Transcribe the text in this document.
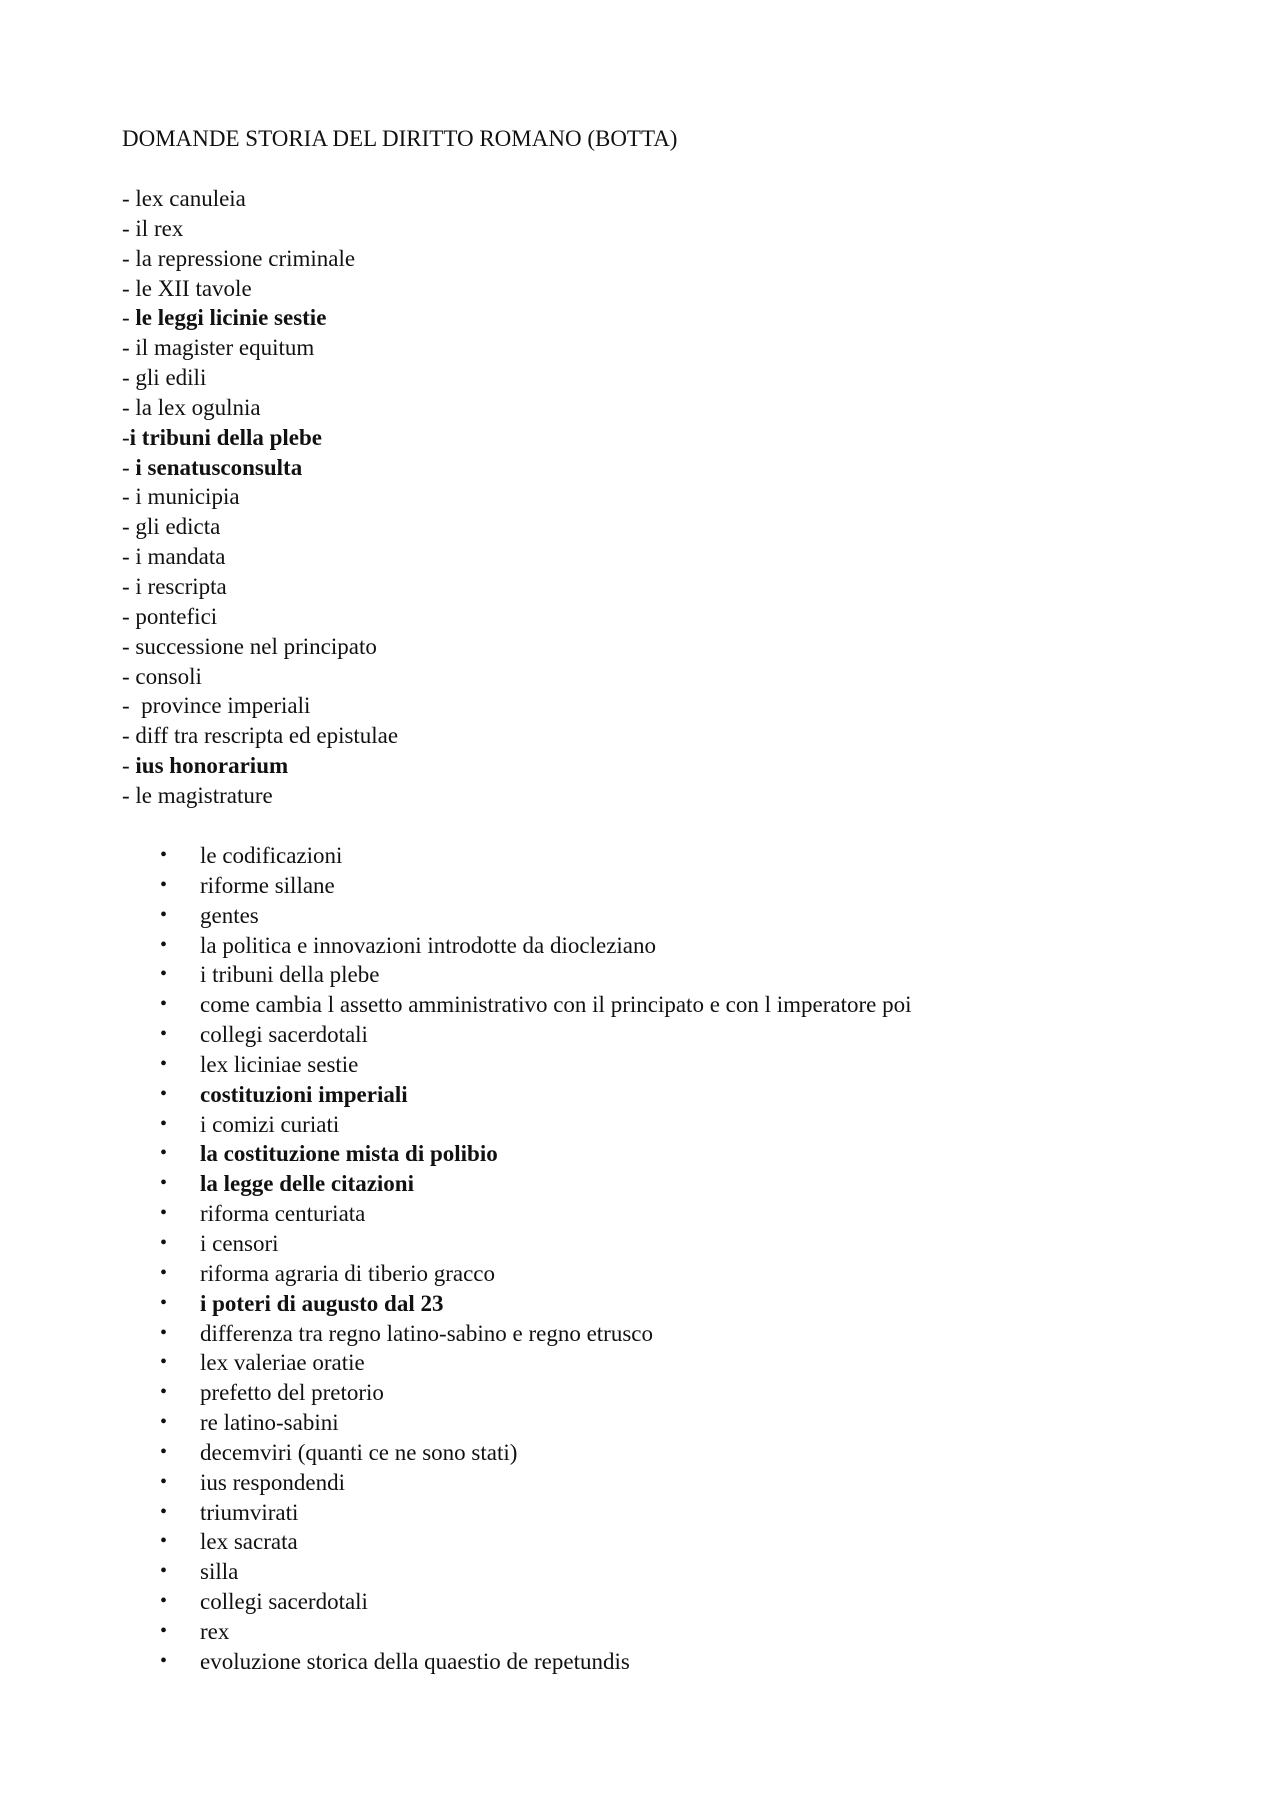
DOMANDE STORIA DEL DIRITTO ROMANO (BOTTA)
- lex canuleia
- il rex
- la repressione criminale
- le XII tavole
- le leggi licinie sestie
- il magister equitum
- gli edili
- la lex ogulnia
-i tribuni della plebe
- i senatusconsulta
- i municipia
- gli edicta
- i mandata
- i rescripta
- pontefici
- successione nel principato
- consoli
-  province imperiali
- diff tra rescripta ed epistulae
- ius honorarium
- le magistrature
• le codificazioni
• riforme sillane
• gentes
• la politica e innovazioni introdotte da diocleziano
• i tribuni della plebe
• come cambia l assetto amministrativo con il principato e con l imperatore poi
• collegi sacerdotali
• lex liciniae sestie
• costituzioni imperiali
• i comizi curiati
• la costituzione mista di polibio
• la legge delle citazioni
• riforma centuriata
• i censori
• riforma agraria di tiberio gracco
• i poteri di augusto dal 23
• differenza tra regno latino-sabino e regno etrusco
• lex valeriae oratie
• prefetto del pretorio
• re latino-sabini
• decemviri (quanti ce ne sono stati)
• ius respondendi
• triumvirati
• lex sacrata
• silla
• collegi sacerdotali
• rex
• evoluzione storica della quaestio de repetundis
